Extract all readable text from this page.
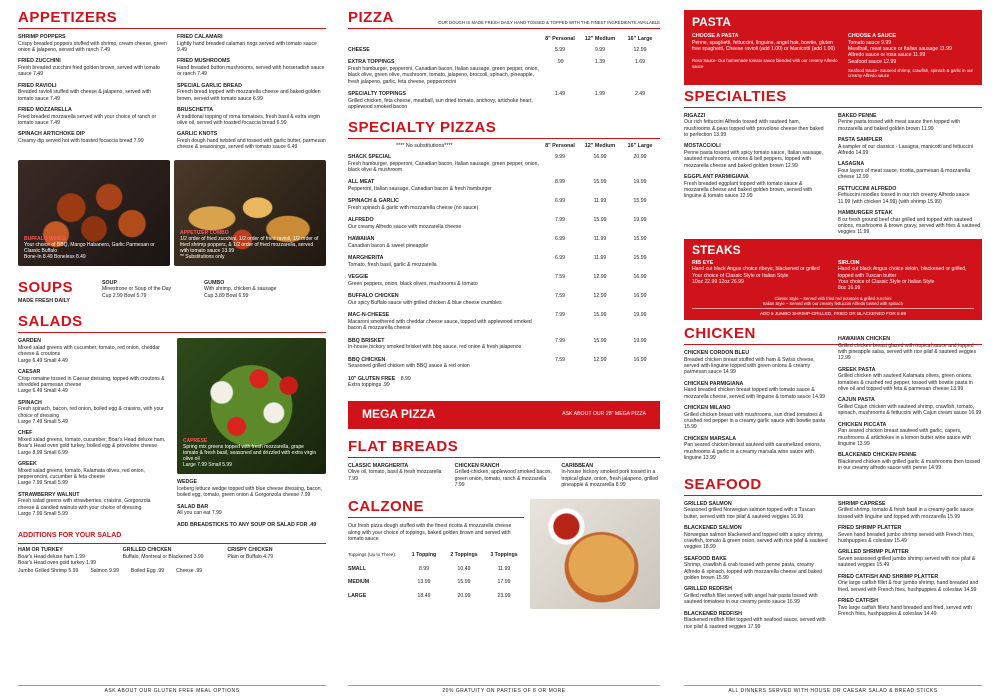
APPETIZERS
SHRIMP POPPERS
Crispy breaded poppers stuffed with shrimp, cream cheese, green onion & jalapeno, served with ranch 7.49
FRIED ZUCCHINI
Fresh breaded zucchini fried golden brown, served with tomato sauce 7.49
FRIED RAVIOLI
Breaded ravioli stuffed with cheese & jalapeno, served with tomato sauce 7.49
FRIED MOZZARELLA
Fried breaded mozzarella served with your choice of ranch or tomato sauce 7.49
SPINACH ARTICHOKE DIP
Creamy dip served hot with toasted focaccia bread 7.99
FRIED CALAMARI
Lightly hand breaded calamari rings served with tomato sauce 9.49
FRIED MUSHROOMS
Hand breaded button mushrooms, served with horseradish sauce or ranch 7.49
SPECIAL GARLIC BREAD
French bread topped with mozzarella cheese and baked golden brown, served with tomato sauce 6.99
BRUSCHETTA
A traditional topping of roma tomatoes, fresh basil & extra virgin olive oil, served with toasted focaccia bread 6.99
GARLIC KNOTS
Fresh dough hand twisted and tossed with garlic butter, parmesan cheese & seasonings, served with tomato sauce 6.49
BUFFALO WINGS
Your choice of BBQ, Mango Habanero, Garlic Parmesan or Classic Buffalo
Bone-In 8.49 Boneless 8.49
APPETIZER COMBO
1/2 order of fried zucchini, 1/2 order of fried ravioli, 1/2 order of fried shrimp poppers, & 1/2 order of fried mozzarella, served with tomato sauce 13.99
** Substitutions only
SOUPS
MADE FRESH DAILY
SOUP
Minestrone or Soup of the Day
Cup 2.99 Bowl 5.79
GUMBO
With shrimp, chicken & sausage
Cup 3.89 Bowl 6.99
SALADS
GARDEN
Mixed salad greens with cucumber, tomato, red onion, cheddar cheese & croutons
Large 6.49 Small 4.49
CAESAR
Crisp romaine tossed in Caesar dressing, topped with croutons & shredded parmesan cheese
Large 6.49 Small 4.49
SPINACH
Fresh spinach, bacon, red onion, boiled egg & craisins, with your choice of dressing
Large 7.49 Small 5.49
CHEF
Mixed salad greens, tomato, cucumber, Boar's Head deluxe ham, Boar's Head oven gold turkey, boiled egg & provolone cheese
Large 8.99 Small 6.99
GREEK
Mixed salad greens, tomato, Kalamata olives, red onion, pepperoncini, cucumber & feta cheese
Large 7.99 Small 5.99
STRAWBERRY WALNUT
Fresh salad greens with strawberries, craisins, Gorgonzola cheese & candied walnuts with your choice of dressing
Large 7.99 Small 5.99
CAPRESE
Spring mix greens topped with fresh mozzarella, grape tomato & fresh basil, seasoned and drizzled with extra virgin olive oil
Large 7.99 Small 5.99
WEDGE
Iceberg lettuce wedge topped with blue cheese dressing, bacon, boiled egg, tomato, green onion & Gorgonzola cheese 7.99
SALAD BAR
All you can eat 7.99
ADD BREADSTICKS TO ANY SOUP OR SALAD FOR .49
ADDITIONS FOR YOUR SALAD
HAM OR TURKEY
Boar's Head deluxe ham 1.99
Boar's Head oven gold turkey 1.99
GRILLED CHICKEN
Buffalo, Montreal or Blackened 3.99
CRISPY CHICKEN
Plain or Buffalo 4.79
Jumbo Grilled Shrimp 5.99 Salmon 9.99 Boiled Egg .99 Cheese .99
ASK ABOUT OUR GLUTEN FREE MEAL OPTIONS
PIZZA	OUR DOUGH IS MADE FRESH DAILY HAND TOSSED & TOPPED WITH THE FINEST INGREDIENTS AVAILABLE
	8" Personal	12" Medium	16" Large

CHEESE	5.99	9.99	12.99

EXTRA TOPPINGS
Fresh hamburger, pepperoni, Canadian bacon, Italian sausage, green pepper, onion, black olive, green olive, mushroom, tomato, jalapeno, broccoli, spinach, pineapple, fresh jalapeno, garlic, feta cheese, pepperoncini	.99	1.39	1.69

SPECIALTY TOPPINGS
Grilled chicken, feta cheese, meatball, sun dried tomato, anchovy, artichoke heart, applewood smoked bacon	1.49	1.99	2.49
SPECIALTY PIZZAS
**** No substitutions****	8" Personal	12" Medium	16" Large

SHACK SPECIAL
Fresh hamburger, pepperoni, Canadian bacon, Italian sausage, green pepper, onion, black olive & mushroom	9.99	16.99	20.99

ALL MEAT
Pepperoni, Italian sausage, Canadian bacon & fresh hamburger	8.99	15.99	19.99

SPINACH & GARLIC
Fresh spinach & garlic with mozzarella cheese (no sauce)	6.99	11.99	15.99

ALFREDO
Our creamy Alfredo sauce with mozzarella cheese	7.99	15.99	19.99

HAWAIIAN
Canadian bacon & sweet pineapple	6.99	11.99	15.99

MARGHERITA
Tomato, fresh basil, garlic & mozzarella	6.99	11.99	15.99

VEGGIE
Green peppers, onion, black olives, mushrooms & tomato	7.59	12.99	16.99

BUFFALO CHICKEN
Our spicy Buffalo sauce with grilled chicken & blue cheese crumbles	7.59	12.99	16.99

MAC-N-CHEESE
Macaroni smothered with cheddar cheese sauce, topped with applewood smoked bacon & mozzarella cheese	7.99	15.99	19.99

BBQ BRISKET
In-house hickory smoked brisket with bbq sauce, red onion & fresh jalapenos	7.99	15.99	19.99

BBQ CHICKEN
Seasoned grilled chicken with BBQ sauce & red onion	7.59	12.99	16.99
10" GLUTEN FREE 8.99
Extra toppings .99			
MEGA PIZZA	ASK ABOUT OUR 28" MEGA PIZZA
FLAT BREADS
CLASSIC MARGHERITA
Olive oil, tomato, basil & fresh mozzarella 7.99
CHICKEN RANCH
Grilled-chicken, applewood smoked bacon, green onion, tomato, ranch & mozzarella 7.99
CARIBBEAN
In-house hickory smoked pork tossed in a tropical glaze, onion, fresh jalapeno, grilled pineapple & mozzarella 8.99
CALZONE
Our fresh pizza dough stuffed with the finest ricotta & mozzarella cheese along with your choice of toppings, baked golden brown and served with tomato sauce
Toppings (Up to Three):	1 Topping	2 Toppings	3 Toppings
SMALL	8.99	10.49	11.99
MEDIUM	13.99	15.99	17.99
LARGE	18.49	20.99	23.99
20% GRATUITY ON PARTIES OF 8 OR MORE
PASTA
CHOOSE A PASTA
Penne, spaghetti, fettuccini, linguine, angel hair, bowtie, gluten free spaghetti, Cheese ravioli (add 1.00) or Manicotti (add 1.00)
Rosa Sauce- Our homemade tomato sauce blended with our creamy Alfredo sauce
CHOOSE A SAUCE
Tomato sauce 9.99
Meatball, meat sauce or Italian sausage 11.99
Alfredo sauce or rosa sauce 11.99
Seafood sauce 12.99
Seafood Sauce- Sauteed shrimp, crawfish, spinach & garlic in our creamy Alfredo sauce
SPECIALTIES
RIGAZZI
Our rich fettuccini Alfredo tossed with sauteed ham, mushrooms & peas topped with provolone cheese then baked to perfection 13.99
MOSTACCIOLI
Penne pasta tossed with spicy tomato sauce, Italian sausage, sauteed mushrooms, onions & bell peppers, topped with mozzarella cheese and baked golden brown 12.99
EGGPLANT PARMIGIANA
Fresh breaded eggplant topped with tomato sauce & mozzarella cheese and baked golden brown, served with linguine & tomato sauce 12.99
BAKED PENNE
Penne pasta tossed with meat sauce then topped with mozzarella and baked golden brown 11.99
PASTA SAMPLER
A sampler of our classics - Lasagna, manicotti and fettuccini Alfredo 14.99
LASAGNA
Four layers of meat sauce, ricotta, parmesan & mozzarella cheese 12.99
FETTUCCINI ALFREDO
Fettuccini noodles tossed in our rich creamy Alfredo sauce 11.99 (with chicken 14.99) (with shrimp 15.99)
HAMBURGER STEAK
8 oz fresh ground beef char grilled and topped with sauteed onions, mushrooms & brown gravy, served with fries & sauteed veggies 11.99
STEAKS
RIB EYE
Hand cut black Angus choice ribeye, blackened or grilled
Your choice of Classic Style or Italian Style
10oz 22.99 12oz 26.99
SIRLOIN
Hand cut black Angus choice sirloin, blackened or grilled, topped with Tuscan butter
Your choice of Classic Style or Italian Style
8oz 16.99
Classic Style – Served with fried red potatoes & grilled zucchini
Italian Style – Served with our creamy fettuccini Alfredo tossed with spinach
ADD 5 JUMBO SHRIMP-GRILLED, FRIED OR BLACKENED FOR 5.99
CHICKEN
CHICKEN CORDON BLEU
Breaded chicken breast stuffed with ham & Swiss cheese, served with linguine topped with green onions & creamy parmesan sauce 14.99
CHICKEN PARMIGIANA
Hand breaded chicken breast topped with tomato sauce & mozzarella cheese, served with linguine & tomato sauce 14.99
CHICKEN MILANO
Grilled chicken breast with mushrooms, sun dried tomatoes & crushed red pepper in a creamy garlic sauce with bowtie pasta 15.99
CHICKEN MARSALA
Pan seared chicken breast sauteed with caramelized onions, mushrooms & garlic in a creamy marsala wine sauce with linguine 13.99
HAWAIIAN CHICKEN
Grilled chicken breast glazed with tropical sauce and topped with pineapple salsa, served with rice pilaf & sauteed veggies 12.99
GREEK PASTA
Grilled chicken with sauteed Kalamata olives, green onions, tomatoes & crushed red pepper, tossed with bowtie pasta in olive oil and topped with feta & parmesan cheese 13.99
CAJUN PASTA
Grilled Cajun chicken with sauteed shrimp, crawfish, tomato, spinach, mushrooms & fettuccini with Cajun cream sauce 16.99
CHICKEN PICCATA
Pan seared chicken breast sauteed with garlic, capers, mushrooms & artichokes in a lemon butter wine sauce with linguine 13.99
BLACKENED CHICKEN PENNE
Blackened chicken with grilled garlic & mushrooms then tossed in our creamy alfredo sauce with penne 14.99
SEAFOOD
GRILLED SALMON
Seasoned grilled Norwegian salmon topped with a Tuscan butter, served with rice pilaf & sauteed veggies 16.99
BLACKENED SALMON
Norwegian salmon blackened and topped with a spicy shrimp, crawfish, tomato & green onion, served with rice pilaf & sauteed veggies 18.99
SEAFOOD BAKE
Shrimp, crawfish & crab tossed with penne pasta, creamy Alfredo & spinach, topped with mozzarella cheese and baked golden brown 15.99
GRILLED REDFISH
Grilled redfish fillet served with angel hair pasta tossed with sauteed tomatoes in our creamy pesto sauce 16.99
BLACKENED REDFISH
Blackened redfish fillet topped with seafood sauce, served with rice pilaf & sauteed veggies 17.99
SHRIMP CAPRESE
Grilled shrimp, tomato & fresh basil in a creamy garlic sauce tossed with linguine and topped with mozzarella 15.99
FRIED SHRIMP PLATTER
Seven hand breaded jumbo shrimp served with French fries, hushpuppies & coleslaw 15.49
GRILLED SHRIMP PLATTER
Seven seasoned grilled jumbo shrimp served with rice pilaf & sauteed veggies 15.49
FRIED CATFISH AND SHRIMP PLATTER
One large catfish fillet & four jumbo shrimp, hand breaded and fried, served with French fries, hushpuppies & coleslaw 14.99
FRIED CATFISH
Two large catfish fillets hand breaded and fried, served with French fries, hushpuppies & coleslaw 14.49
ALL DINNERS SERVED WITH HOUSE OR CAESAR SALAD & BREAD STICKS
